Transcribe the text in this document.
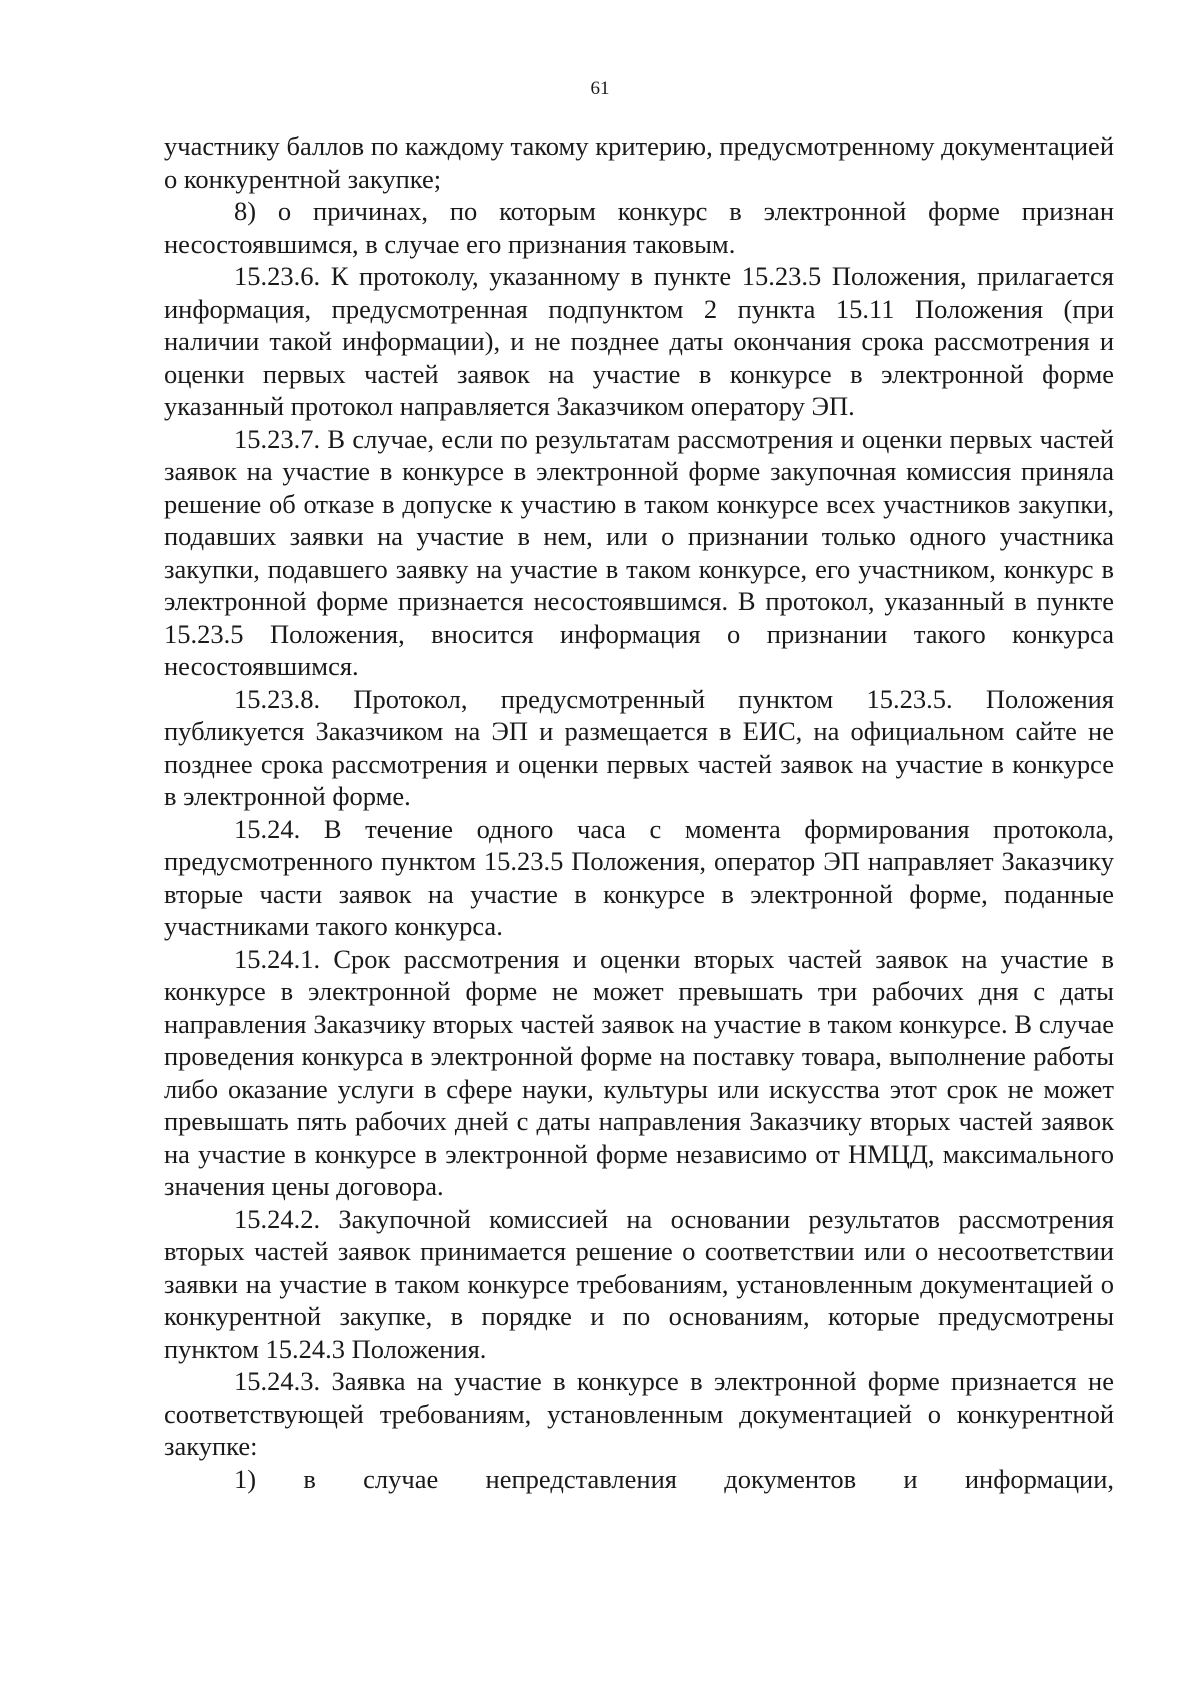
61

участнику баллов по каждому такому критерию, предусмотренному документацией о конкурентной закупке;

8) о причинах, по которым конкурс в электронной форме признан несостоявшимся, в случае его признания таковым.

15.23.6. К протоколу, указанному в пункте 15.23.5 Положения, прилагается информация, предусмотренная подпунктом 2 пункта 15.11 Положения (при наличии такой информации), и не позднее даты окончания срока рассмотрения и оценки первых частей заявок на участие в конкурсе в электронной форме указанный протокол направляется Заказчиком оператору ЭП.

15.23.7. В случае, если по результатам рассмотрения и оценки первых частей заявок на участие в конкурсе в электронной форме закупочная комиссия приняла решение об отказе в допуске к участию в таком конкурсе всех участников закупки, подавших заявки на участие в нем, или о признании только одного участника закупки, подавшего заявку на участие в таком конкурсе, его участником, конкурс в электронной форме признается несостоявшимся. В протокол, указанный в пункте 15.23.5 Положения, вносится информация о признании такого конкурса несостоявшимся.

15.23.8. Протокол, предусмотренный пунктом 15.23.5. Положения публикуется Заказчиком на ЭП и размещается в ЕИС, на официальном сайте не позднее срока рассмотрения и оценки первых частей заявок на участие в конкурсе в электронной форме.

15.24. В течение одного часа с момента формирования протокола, предусмотренного пунктом 15.23.5 Положения, оператор ЭП направляет Заказчику вторые части заявок на участие в конкурсе в электронной форме, поданные участниками такого конкурса.

15.24.1. Срок рассмотрения и оценки вторых частей заявок на участие в конкурсе в электронной форме не может превышать три рабочих дня с даты направления Заказчику вторых частей заявок на участие в таком конкурсе. В случае проведения конкурса в электронной форме на поставку товара, выполнение работы либо оказание услуги в сфере науки, культуры или искусства этот срок не может превышать пять рабочих дней с даты направления Заказчику вторых частей заявок на участие в конкурсе в электронной форме независимо от НМЦД, максимального значения цены договора.

15.24.2. Закупочной комиссией на основании результатов рассмотрения вторых частей заявок принимается решение о соответствии или о несоответствии заявки на участие в таком конкурсе требованиям, установленным документацией о конкурентной закупке, в порядке и по основаниям, которые предусмотрены пунктом 15.24.3 Положения.

15.24.3. Заявка на участие в конкурсе в электронной форме признается не соответствующей требованиям, установленным документацией о конкурентной закупке:

1) в случае непредставления документов и информации,
